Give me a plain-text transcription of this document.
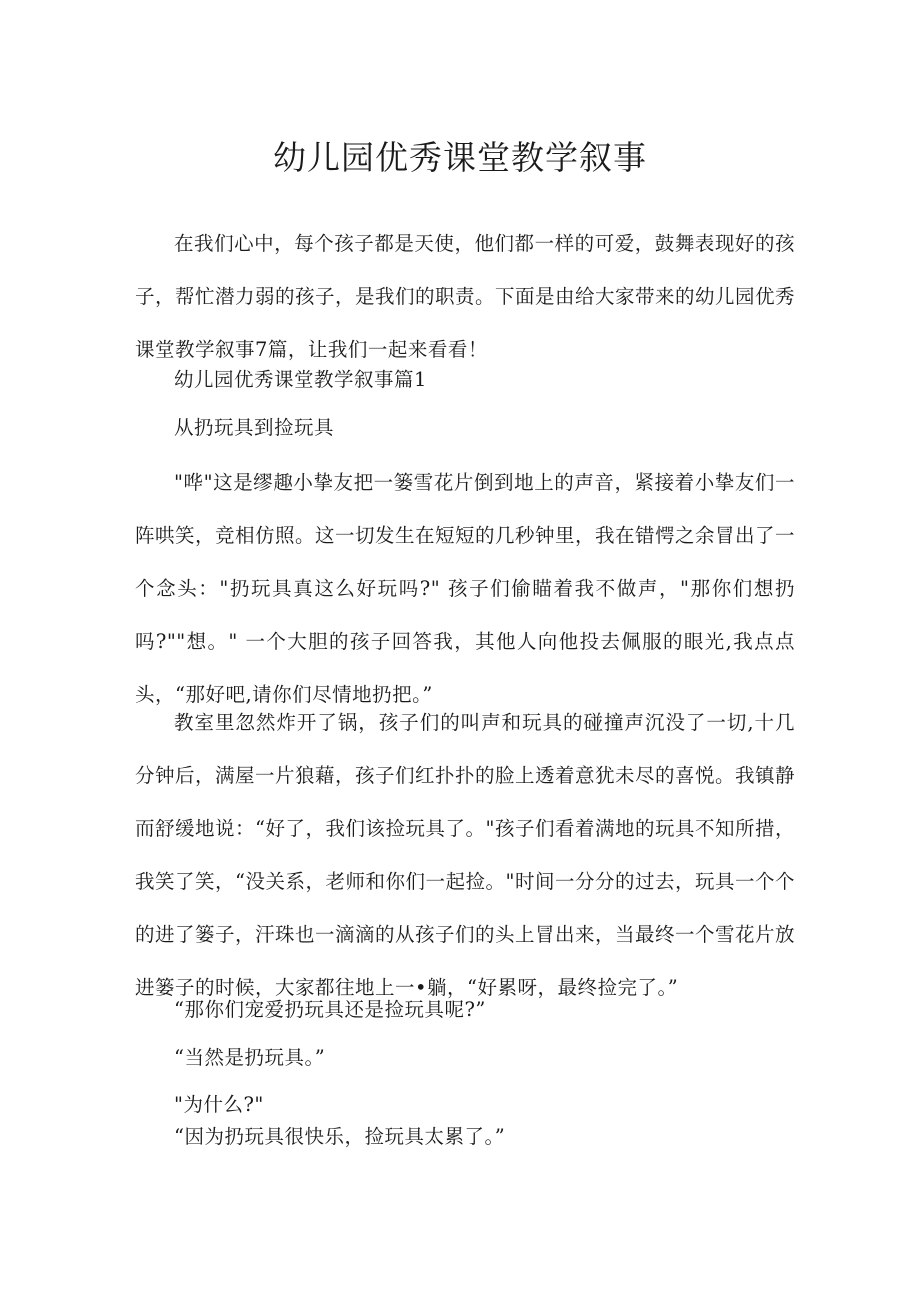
幼儿园优秀课堂教学叙事

在我们心中，每个孩子都是天使，他们都一样的可爱，鼓舞表现好的孩子，帮忙潜力弱的孩子，是我们的职责。下面是由给大家带来的幼儿园优秀课堂教学叙事7篇，让我们一起来看看！

幼儿园优秀课堂教学叙事篇1

从扔玩具到捡玩具

"哗"这是缪趣小挚友把一篓雪花片倒到地上的声音，紧接着小挚友们一阵哄笑，竞相仿照。这一切发生在短短的几秒钟里，我在错愕之余冒出了一个念头："扔玩具真这么好玩吗?" 孩子们偷瞄着我不做声，"那你们想扔吗?""想。" 一个大胆的孩子回答我，其他人向他投去佩服的眼光,我点点头，“那好吧,请你们尽情地扔把。”

教室里忽然炸开了锅，孩子们的叫声和玩具的碰撞声沉没了一切,十几分钟后，满屋一片狼藉，孩子们红扑扑的脸上透着意犹未尽的喜悦。我镇静而舒缓地说：“好了，我们该捡玩具了。"孩子们看着满地的玩具不知所措，我笑了笑，“没关系，老师和你们一起捡。"时间一分分的过去，玩具一个个的进了篓子，汗珠也一滴滴的从孩子们的头上冒出来，当最终一个雪花片放进篓子的时候，大家都往地上一•躺，“好累呀，最终捡完了。”

“那你们宠爱扔玩具还是捡玩具呢?”

“当然是扔玩具。”

"为什么?"

“因为扔玩具很快乐，捡玩具太累了。”
